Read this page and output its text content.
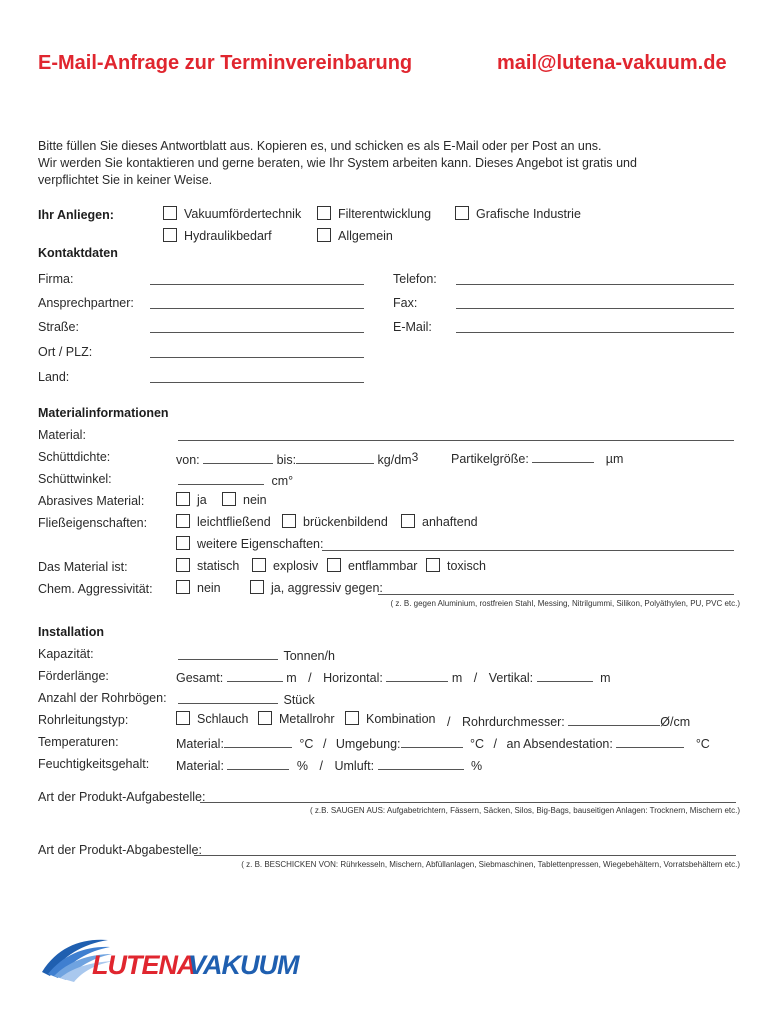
E-Mail-Anfrage zur Terminvereinbarung	mail@lutena-vakuum.de
Bitte füllen Sie dieses Antwortblatt aus. Kopieren es, und schicken es als E-Mail oder per Post an uns.
Wir werden Sie kontaktieren und gerne beraten, wie Ihr System arbeiten kann. Dieses Angebot ist gratis und
verpflichtet Sie in keiner Weise.
Ihr Anliegen:	Vakuumfördertechnik	Filterentwicklung	Grafische Industrie
Hydraulikbedarf	Allgemein
Kontaktdaten
Firma:
Ansprechpartner:
Straße:
Ort / PLZ:
Land:
Telefon:
Fax:
E-Mail:
Materialinformationen
Material:
Schüttdichte:	von:	bis:	kg/dm3	Partikelgröße:	µm
Schüttwinkel:	cm°
Abrasives Material:	ja	nein
Fließeigenschaften:	leichtfließend	brückenbildend	anhaftend
weitere Eigenschaften:
Das Material ist:	statisch	explosiv	entflammbar	toxisch
Chem. Aggressivität:	nein	ja, aggressiv gegen:
( z. B. gegen Aluminium, rostfreien Stahl, Messing, Nitrilgummi, Silikon, Polyäthylen, PU, PVC etc.)
Installation
Kapazität:	Tonnen/h
Förderlänge:	Gesamt:	m / Horizontal:	m / Vertikal:	m
Anzahl der Rohrbögen:	Stück
Rohrleitungstyp:	Schlauch	Metallrohr	Kombination / Rohrdurchmesser:	Ø/cm
Temperaturen:	Material:	°C / Umgebung:	°C / an Absendestation:	°C
Feuchtigkeitsgehalt: Material:	% / Umluft:	%
Art der Produkt-Aufgabestelle:
( z.B. SAUGEN AUS: Aufgabetrichtern, Fässern, Säcken, Silos, Big-Bags, bauseitigen Anlagen: Trocknern, Mischern etc.)
Art der Produkt-Abgabestelle:
( z. B. BESCHICKEN VON: Rührkesseln, Mischern, Abfüllanlagen, Siebmaschinen, Tablettenpressen, Wiegebehältern, Vorratsbehältern etc.)
LUTENA
VAKUUM
